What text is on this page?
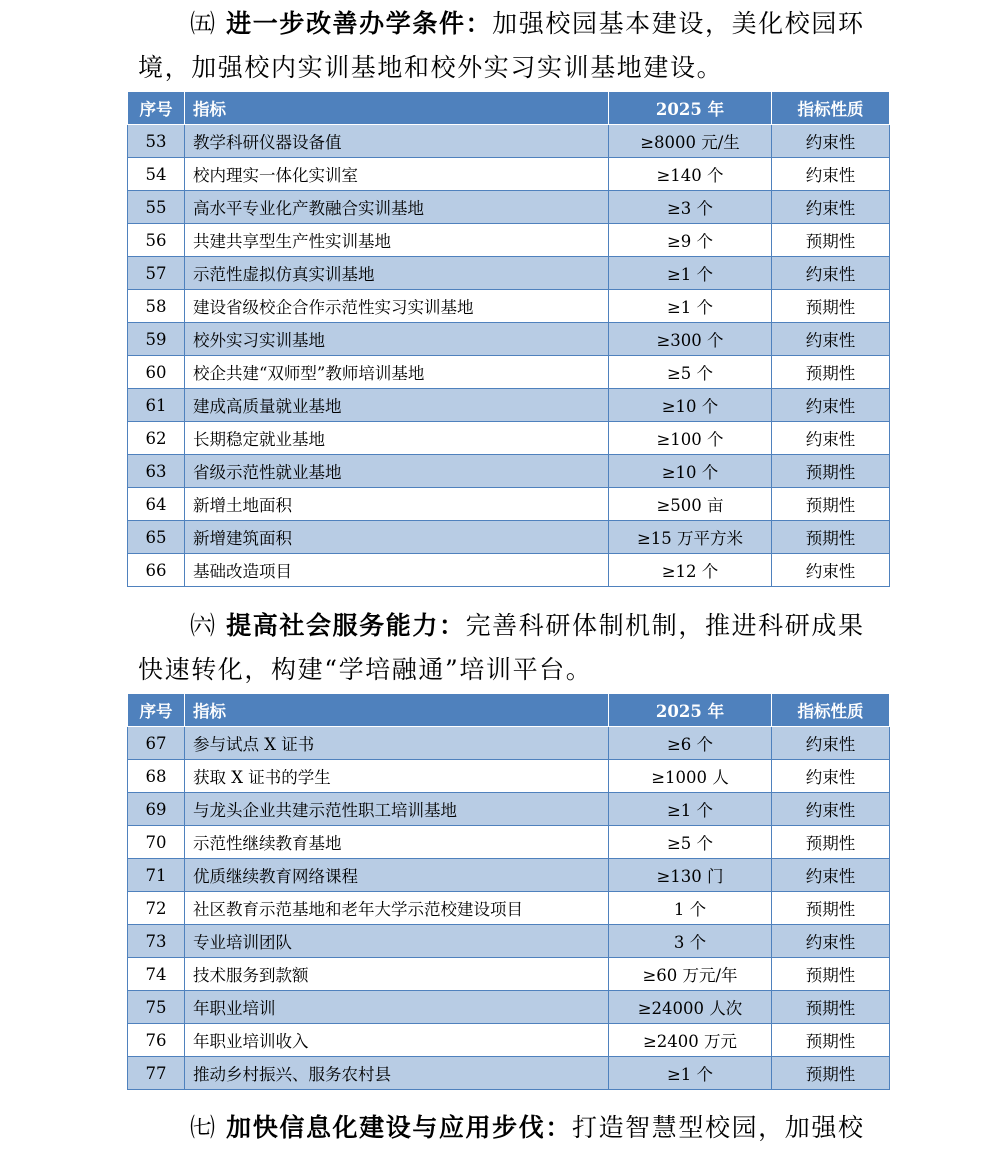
㈤ 进一步改善办学条件：加强校园基本建设，美化校园环
境，加强校内实训基地和校外实习实训基地建设。
序号	指标	2025 年	指标性质
53	教学科研仪器设备值	≥8000 元/生	约束性
54	校内理实一体化实训室	≥140 个	约束性
55	高水平专业化产教融合实训基地	≥3 个	约束性
56	共建共享型生产性实训基地	≥9 个	预期性
57	示范性虚拟仿真实训基地	≥1 个	约束性
58	建设省级校企合作示范性实习实训基地	≥1 个	预期性
59	校外实习实训基地	≥300 个	约束性
60	校企共建“双师型”教师培训基地	≥5 个	预期性
61	建成高质量就业基地	≥10 个	约束性
62	长期稳定就业基地	≥100 个	约束性
63	省级示范性就业基地	≥10 个	预期性
64	新增土地面积	≥500 亩	预期性
65	新增建筑面积	≥15 万平方米	预期性
66	基础改造项目	≥12 个	约束性
㈥ 提高社会服务能力：完善科研体制机制，推进科研成果
快速转化，构建“学培融通”培训平台。
序号	指标	2025 年	指标性质
67	参与试点 X 证书	≥6 个	约束性
68	获取 X 证书的学生	≥1000 人	约束性
69	与龙头企业共建示范性职工培训基地	≥1 个	约束性
70	示范性继续教育基地	≥5 个	预期性
71	优质继续教育网络课程	≥130 门	约束性
72	社区教育示范基地和老年大学示范校建设项目	1 个	预期性
73	专业培训团队	3 个	约束性
74	技术服务到款额	≥60 万元/年	预期性
75	年职业培训	≥24000 人次	预期性
76	年职业培训收入	≥2400 万元	预期性
77	推动乡村振兴、服务农村县	≥1 个	预期性
㈦ 加快信息化建设与应用步伐：打造智慧型校园，加强校
